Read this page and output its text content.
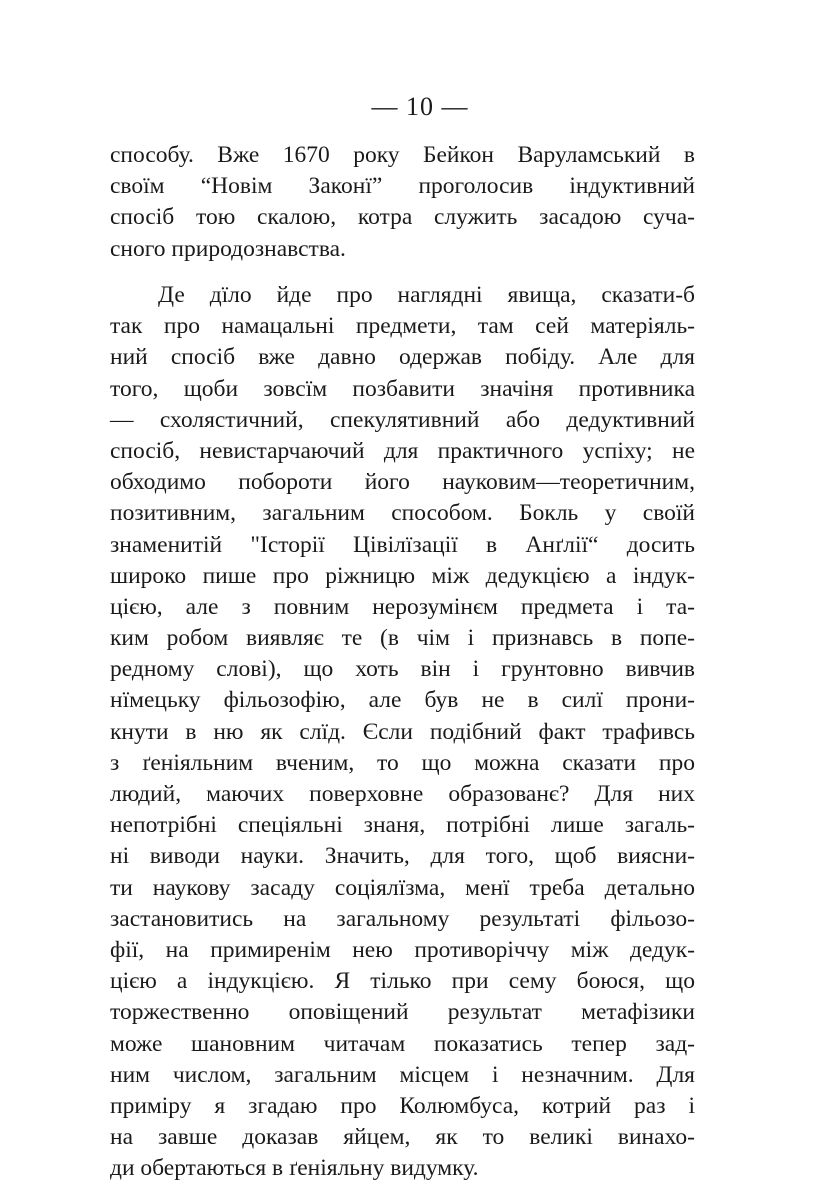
— 10 —
способу. Вже 1670 року Бейкон Варуламський в
своїм “Новім Законї” проголосив індуктивний
спосіб тою скалою, котра служить засадою суча-
сного природознавства.
Де дїло йде про наглядні явища, сказати-б
так про намацальні предмети, там сей матеріяль-
ний спосіб вже давно одержав побіду. Але для
того, щоби зовсїм позбавити значіня противника
— схолястичний, спекулятивний або дедуктивний
спосіб, невистарчаючий для практичного успіху; не
обходимо побороти його науковим—теоретичним,
позитивним, загальним способом. Бокль у своїй
знаменитій "Історії Цівілїзації в Анґлії“ досить
широко пише про ріжницю між дедукцією а індук-
цією, але з повним нерозумінєм предмета і та-
ким робом виявляє те (в чім і признавсь в попе-
редному слові), що хоть він і грунтовно вивчив
нїмецьку фільозофію, але був не в силї прони-
кнути в ню як слїд. Єсли подібний факт трафивсь
з ґеніяльним вченим, то що можна сказати про
людий, маючих поверховне образованє? Для них
непотрібні спеціяльні знаня, потрібні лише загаль-
ні виводи науки. Значить, для того, щоб виясни-
ти наукову засаду соціялїзма, менї треба детально
застановитись на загальному результаті фільозо-
фії, на примиренім нею противоріччу між дедук-
цією а індукцією. Я тілько при сему боюся, що
торжественно оповіщений результат метафізики
може шановним читачам показатись тепер зад-
ним числом, загальним місцем і незначним. Для
приміру я згадаю про Колюмбуса, котрий раз і
на завше доказав яйцем, як то великі винахо-
ди обертаються в ґеніяльну видумку.
